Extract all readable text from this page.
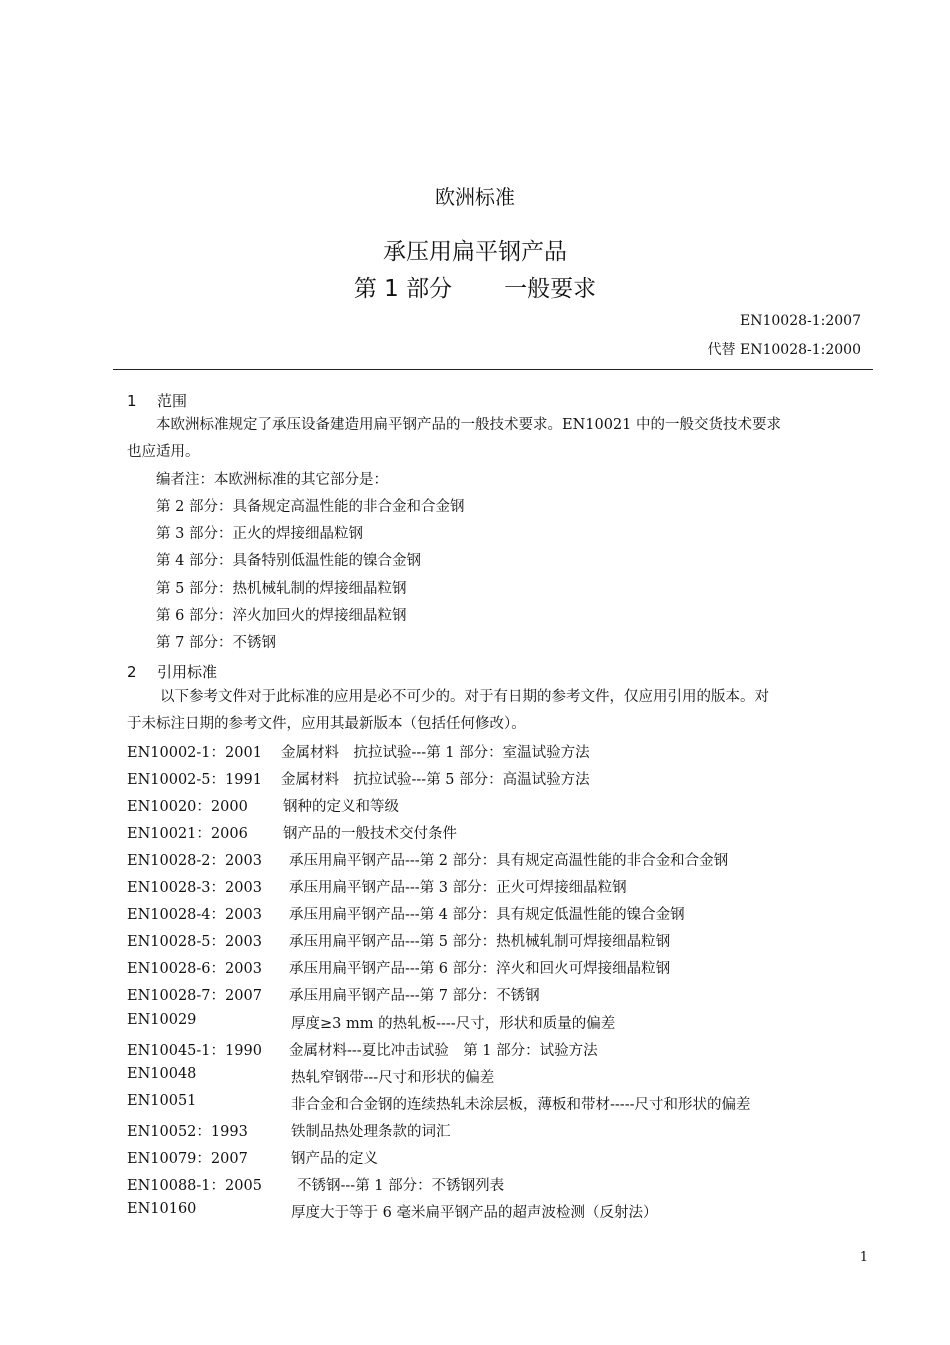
欧洲标准
承压用扁平钢产品
第 1 部分 一般要求
EN10028-1:2007
代替 EN10028-1:2000
1 范围
本欧洲标准规定了承压设备建造用扁平钢产品的一般技术要求。EN10021 中的一般交货技术要求
也应适用。
编者注：本欧洲标准的其它部分是：
第 2 部分：具备规定高温性能的非合金和合金钢
第 3 部分：正火的焊接细晶粒钢
第 4 部分：具备特别低温性能的镍合金钢
第 5 部分：热机械轧制的焊接细晶粒钢
第 6 部分：淬火加回火的焊接细晶粒钢
第 7 部分：不锈钢
2 引用标准
以下参考文件对于此标准的应用是必不可少的。对于有日期的参考文件，仅应用引用的版本。对
于未标注日期的参考文件，应用其最新版本（包括任何修改）。
EN10002-1：2001 金属材料　抗拉试验---第 1 部分：室温试验方法
EN10002-5：1991 金属材料　抗拉试验---第 5 部分：高温试验方法
EN10020：2000 钢种的定义和等级
EN10021：2006 钢产品的一般技术交付条件
EN10028-2：2003 承压用扁平钢产品---第 2 部分：具有规定高温性能的非合金和合金钢
EN10028-3：2003 承压用扁平钢产品---第 3 部分：正火可焊接细晶粒钢
EN10028-4：2003 承压用扁平钢产品---第 4 部分：具有规定低温性能的镍合金钢
EN10028-5：2003 承压用扁平钢产品---第 5 部分：热机械轧制可焊接细晶粒钢
EN10028-6：2003 承压用扁平钢产品---第 6 部分：淬火和回火可焊接细晶粒钢
EN10028-7：2007 承压用扁平钢产品---第 7 部分：不锈钢
EN10029	厚度≥3 mm 的热轧板----尺寸，形状和质量的偏差
EN10045-1：1990 金属材料---夏比冲击试验　第 1 部分：试验方法
EN10048	热轧窄钢带---尺寸和形状的偏差
EN10051	非合金和合金钢的连续热轧未涂层板，薄板和带材-----尺寸和形状的偏差
EN10052：1993	铁制品热处理条款的词汇
EN10079：2007	钢产品的定义
EN10088-1：2005 不锈钢---第 1 部分：不锈钢列表
EN10160	厚度大于等于 6 毫米扁平钢产品的超声波检测（反射法）
1
